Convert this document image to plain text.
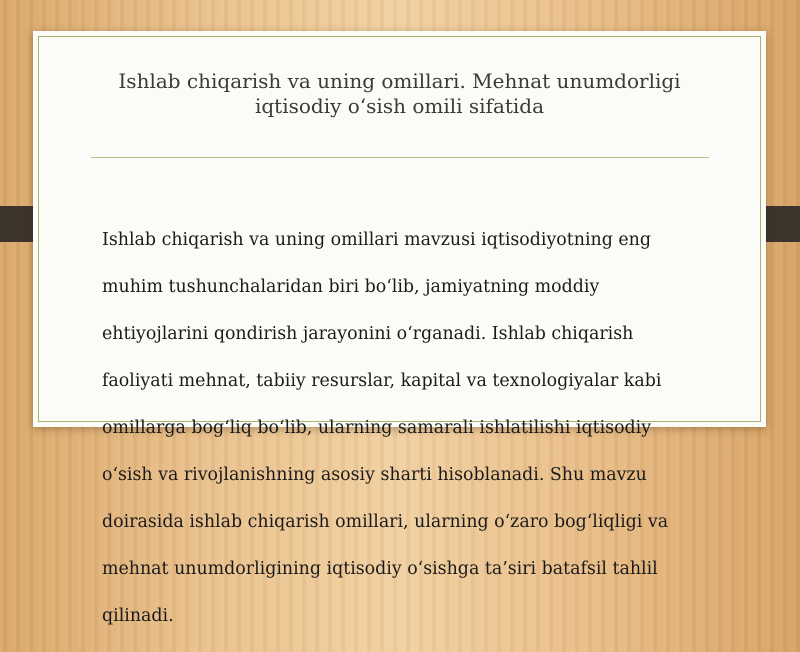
Ishlab chiqarish va uning omillari. Mehnat unumdorligi
iqtisodiy o‘sish omili sifatida

Ishlab chiqarish va uning omillari mavzusi iqtisodiyotning eng

muhim tushunchalaridan biri bo‘lib, jamiyatning moddiy

ehtiyojlarini qondirish jarayonini o‘rganadi. Ishlab chiqarish

faoliyati mehnat, tabiiy resurslar, kapital va texnologiyalar kabi

omillarga bog‘liq bo‘lib, ularning samarali ishlatilishi iqtisodiy

o‘sish va rivojlanishning asosiy sharti hisoblanadi. Shu mavzu

doirasida ishlab chiqarish omillari, ularning o‘zaro bog‘liqligi va

mehnat unumdorligining iqtisodiy o‘sishga ta’siri batafsil tahlil

qilinadi.
